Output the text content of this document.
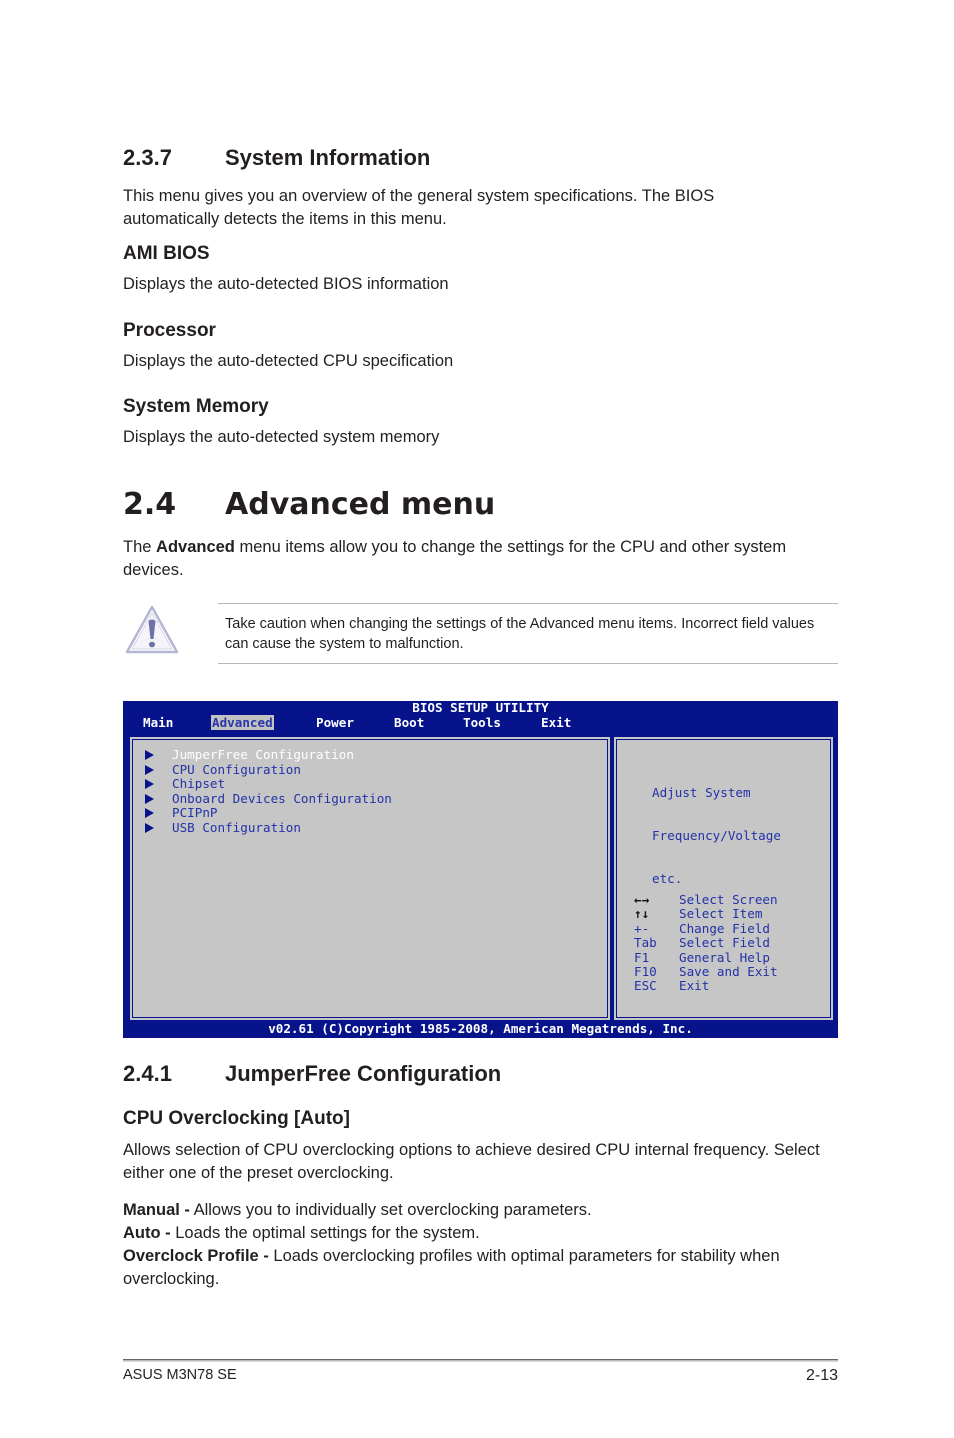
2.3.7 System Information
This menu gives you an overview of the general system specifications. The BIOS automatically detects the items in this menu.
AMI BIOS
Displays the auto-detected BIOS information
Processor
Displays the auto-detected CPU specification
System Memory
Displays the auto-detected system memory
2.4 Advanced menu
The Advanced menu items allow you to change the settings for the CPU and other system devices.
Take caution when changing the settings of the Advanced menu items. Incorrect field values can cause the system to malfunction.
BIOS SETUP UTILITY
Main	Advanced	Power	Boot	Tools	Exit
JumperFree Configuration
CPU Configuration
Chipset
Onboard Devices Configuration
PCIPnP
USB Configuration

Adjust System

Frequency/Voltage

etc.

←→ Select Screen
↑↓ Select Item
+- Change Field
Tab Select Field
F1 General Help
F10 Save and Exit
ESC Exit
v02.61 (C)Copyright 1985-2008, American Megatrends, Inc.
2.4.1 JumperFree Configuration
CPU Overclocking [Auto]
Allows selection of CPU overclocking options to achieve desired CPU internal frequency. Select either one of the preset overclocking.
Manual - Allows you to individually set overclocking parameters.
Auto - Loads the optimal settings for the system.
Overclock Profile - Loads overclocking profiles with optimal parameters for stability when overclocking.
ASUS M3N78 SE	2-13
